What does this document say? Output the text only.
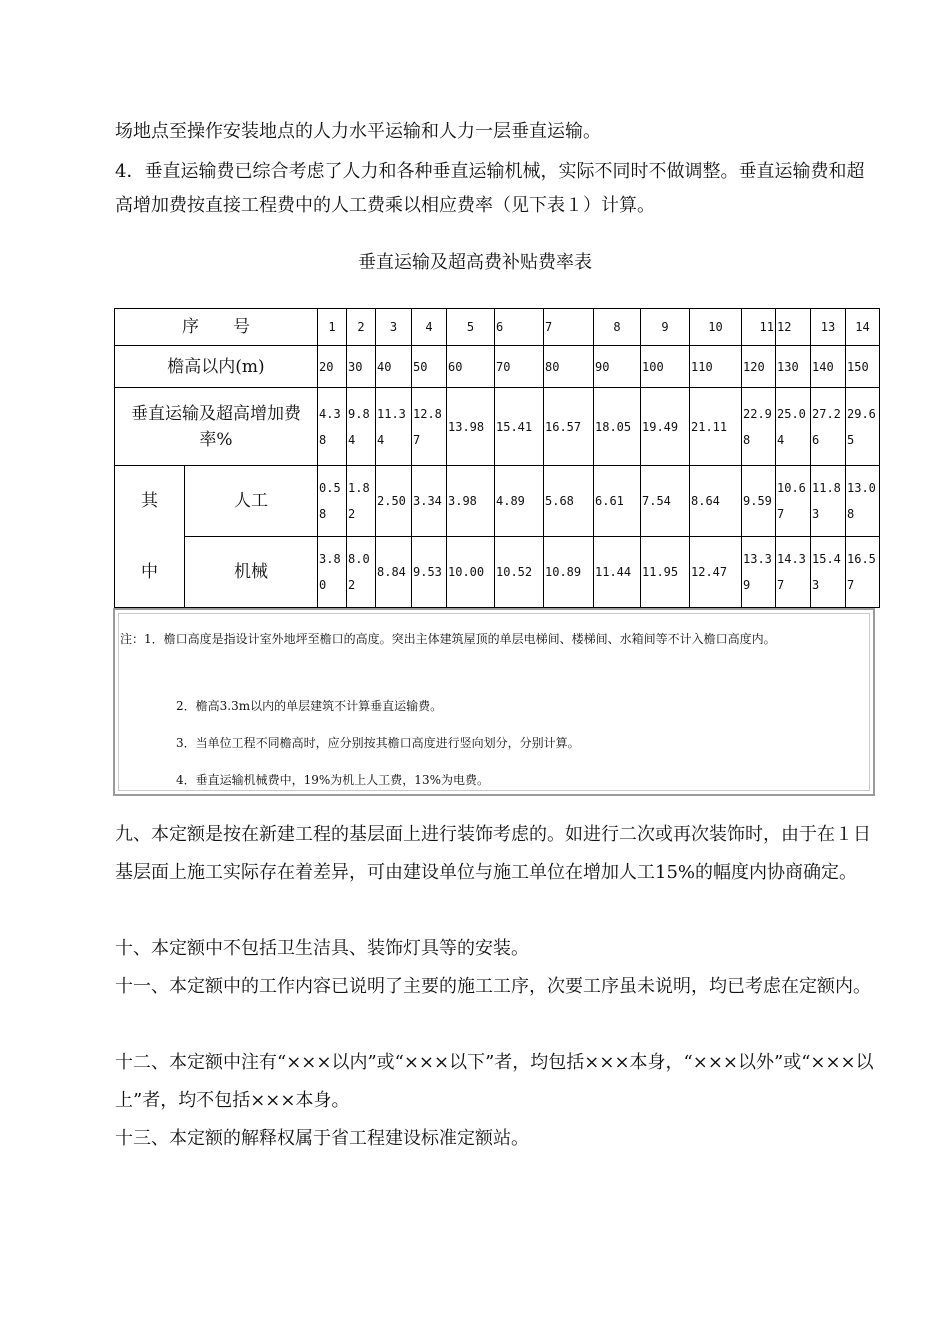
场地点至操作安装地点的人力水平运输和人力一层垂直运输。

4．垂直运输费已综合考虑了人力和各种垂直运输机械，实际不同时不做调整。垂直运输费和超高增加费按直接工程费中的人工费乘以相应费率（见下表１）计算。

垂直运输及超高费补贴费率表

序　　号		1	2	3	4	5	6	7	8	9	10	11	12	13	14
檐高以内(m)		20	30	40	50	60	70	80	90	100	110	120	130	140	150
垂直运输及超高增加费率%		4.38	9.84	11.34	12.87	13.98	15.41	16.57	18.05	19.49	21.11	22.98	25.04	27.26	29.65
其	人工	0.58	1.82	2.50	3.34	3.98	4.89	5.68	6.61	7.54	8.64	9.59	10.67	11.83	13.08
中	机械	3.80	8.02	8.84	9.53	10.00	10.52	10.89	11.44	11.95	12.47	13.39	14.37	15.43	16.57

注：1．檐口高度是指设计室外地坪至檐口的高度。突出主体建筑屋顶的单层电梯间、楼梯间、水箱间等不计入檐口高度内。

2．檐高3.3m以内的单层建筑不计算垂直运输费。

3．当单位工程不同檐高时，应分别按其檐口高度进行竖向划分，分别计算。

4．垂直运输机械费中，19%为机上人工费，13%为电费。

九、本定额是按在新建工程的基层面上进行装饰考虑的。如进行二次或再次装饰时，由于在１日基层面上施工实际存在着差异，可由建设单位与施工单位在增加人工15%的幅度内协商确定。

十、本定额中不包括卫生洁具、装饰灯具等的安装。

十一、本定额中的工作内容已说明了主要的施工工序，次要工序虽未说明，均已考虑在定额内。

十二、本定额中注有“×××以内”或“×××以下”者，均包括×××本身，“×××以外”或“×××以上”者，均不包括×××本身。

十三、本定额的解释权属于省工程建设标准定额站。
